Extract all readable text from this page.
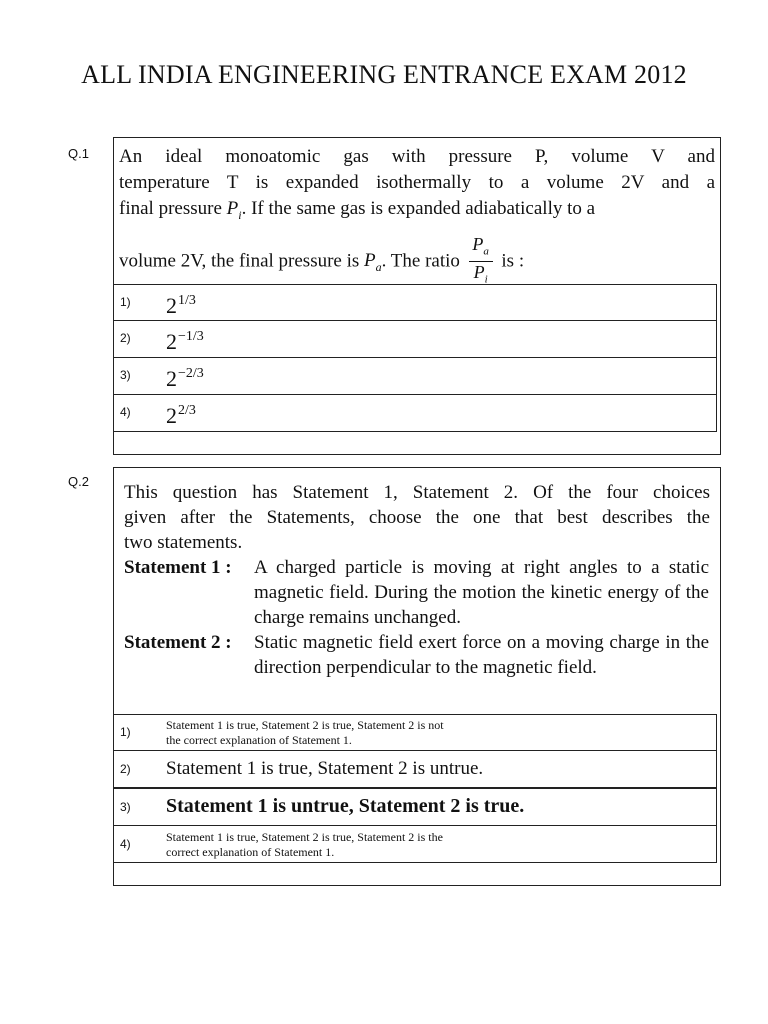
ALL INDIA ENGINEERING ENTRANCE EXAM 2012
Q.1 An ideal monoatomic gas with pressure P, volume V and

temperature T is expanded isothermally to a volume 2V and a

final pressure $P_i$. If the same gas is expanded adiabatically to a

volume 2V, the final pressure is $P_a$. The ratio $\frac{P_a}{P_i}$ is :

1) $2^{1/3}$
2) $2^{-1/3}$
3) $2^{-2/3}$
4) $2^{2/3}$
Q.2

This question has Statement 1, Statement 2. Of the four choices

given after the Statements, choose the one that best describes the

two statements.

Statement 1 : A charged particle is moving at right angles to a static magnetic field. During the motion the kinetic energy of the charge remains unchanged.
Statement 2 : Static magnetic field exert force on a moving charge in the direction perpendicular to the magnetic field.
1)	Statement 1 is true, Statement 2 is true, Statement 2 is not
the correct explanation of Statement 1.
2) Statement 1 is true, Statement 2 is untrue.
3) Statement 1 is untrue, Statement 2 is true.
4)	Statement 1 is true, Statement 2 is true, Statement 2 is the
correct explanation of Statement 1.
